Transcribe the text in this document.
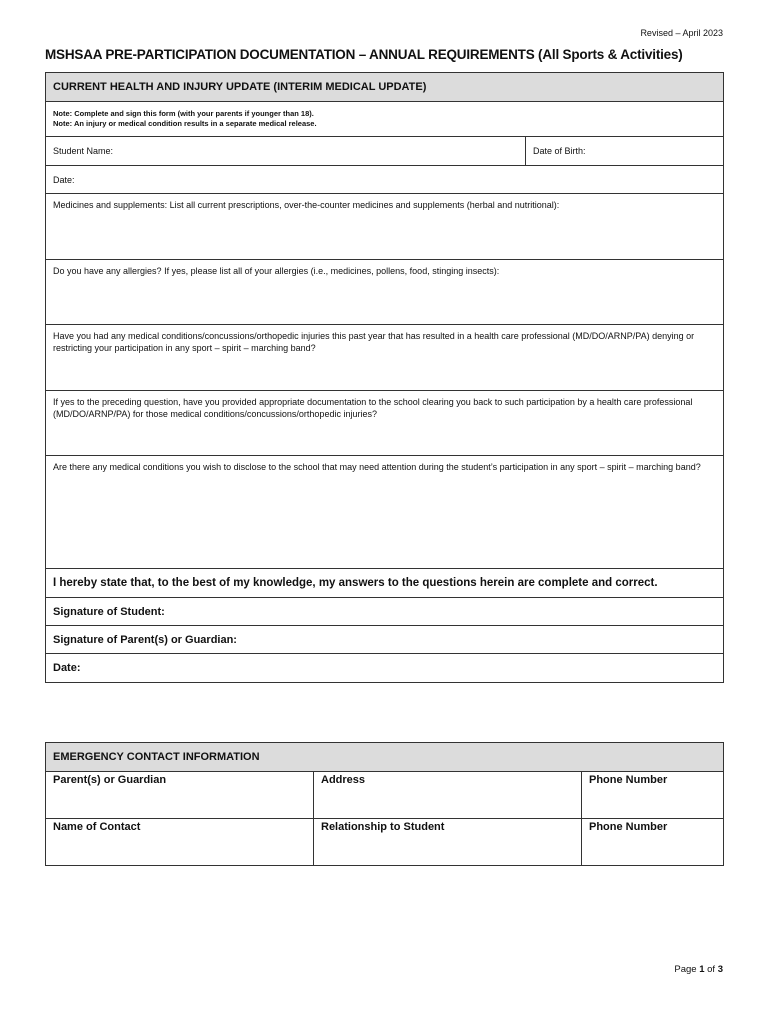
Revised – April 2023
MSHSAA PRE-PARTICIPATION DOCUMENTATION – ANNUAL REQUIREMENTS (All Sports & Activities)
CURRENT HEALTH AND INJURY UPDATE (INTERIM MEDICAL UPDATE)

Note: Complete and sign this form (with your parents if younger than 18).
Note: An injury or medical condition results in a separate medical release.

Student Name:	Date of Birth:
Date:
Medicines and supplements: List all current prescriptions, over-the-counter medicines and supplements (herbal and nutritional):
Do you have any allergies? If yes, please list all of your allergies (i.e., medicines, pollens, food, stinging insects):
Have you had any medical conditions/concussions/orthopedic injuries this past year that has resulted in a health care professional (MD/DO/ARNP/PA) denying or restricting your participation in any sport – spirit – marching band?
If yes to the preceding question, have you provided appropriate documentation to the school clearing you back to such participation by a health care professional (MD/DO/ARNP/PA) for those medical conditions/concussions/orthopedic injuries?
Are there any medical conditions you wish to disclose to the school that may need attention during the student’s participation in any sport – spirit – marching band?
I hereby state that, to the best of my knowledge, my answers to the questions herein are complete and correct.
Signature of Student:
Signature of Parent(s) or Guardian:
Date:
EMERGENCY CONTACT INFORMATION		
Parent(s) or Guardian	Address	Phone Number
Name of Contact	Relationship to Student	Phone Number
Page 1 of 3
